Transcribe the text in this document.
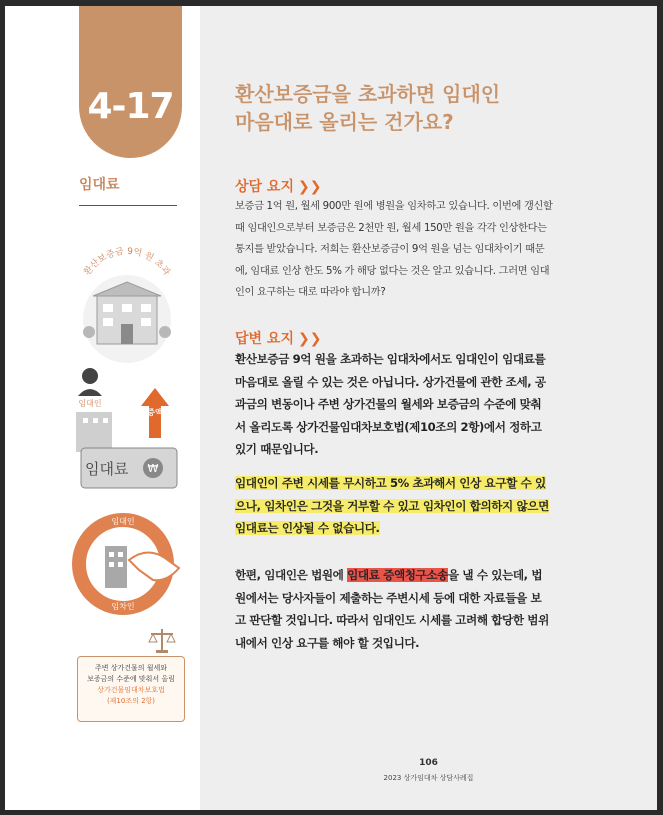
4-17
임대료
환산보증금 9억 원 초과
임대인
증액
임대료 ₩
임대인
임차인
주변 상가건물의 월세와
보증금의 수준에 맞춰서 올림
상가건물임대차보호법
(제10조의 2항)
환산보증금을 초과하면 임대인
마음대로 올리는 건가요?
상담 요지 ❯❯
보증금 1억 원, 월세 900만 원에 병원을 임차하고 있습니다. 이번에 갱신할
때 임대인으로부터 보증금은 2천만 원, 월세 150만 원을 각각 인상한다는
통지를 받았습니다. 저희는 환산보증금이 9억 원을 넘는 임대차이기 때문
에, 임대료 인상 한도 5% 가 해당 없다는 것은 알고 있습니다. 그러면 임대
인이 요구하는 대로 따라야 합니까?
답변 요지 ❯❯
환산보증금 9억 원을 초과하는 임대차에서도 임대인이 임대료를
마음대로 올릴 수 있는 것은 아닙니다. 상가건물에 관한 조세, 공
과금의 변동이나 주변 상가건물의 월세와 보증금의 수준에 맞춰
서 올리도록 상가건물임대차보호법(제10조의 2항)에서 정하고
있기 때문입니다.
임대인이 주변 시세를 무시하고 5% 초과해서 인상 요구할 수 있
으나, 임차인은 그것을 거부할 수 있고 임차인이 합의하지 않으면
임대료는 인상될 수 없습니다.
한편, 임대인은 법원에 임대료 증액청구소송을 낼 수 있는데, 법
원에서는 당사자들이 제출하는 주변시세 등에 대한 자료들을 보
고 판단할 것입니다. 따라서 임대인도 시세를 고려해 합당한 범위
내에서 인상 요구를 해야 할 것입니다.
106
2023 상가임대차 상담사례집
